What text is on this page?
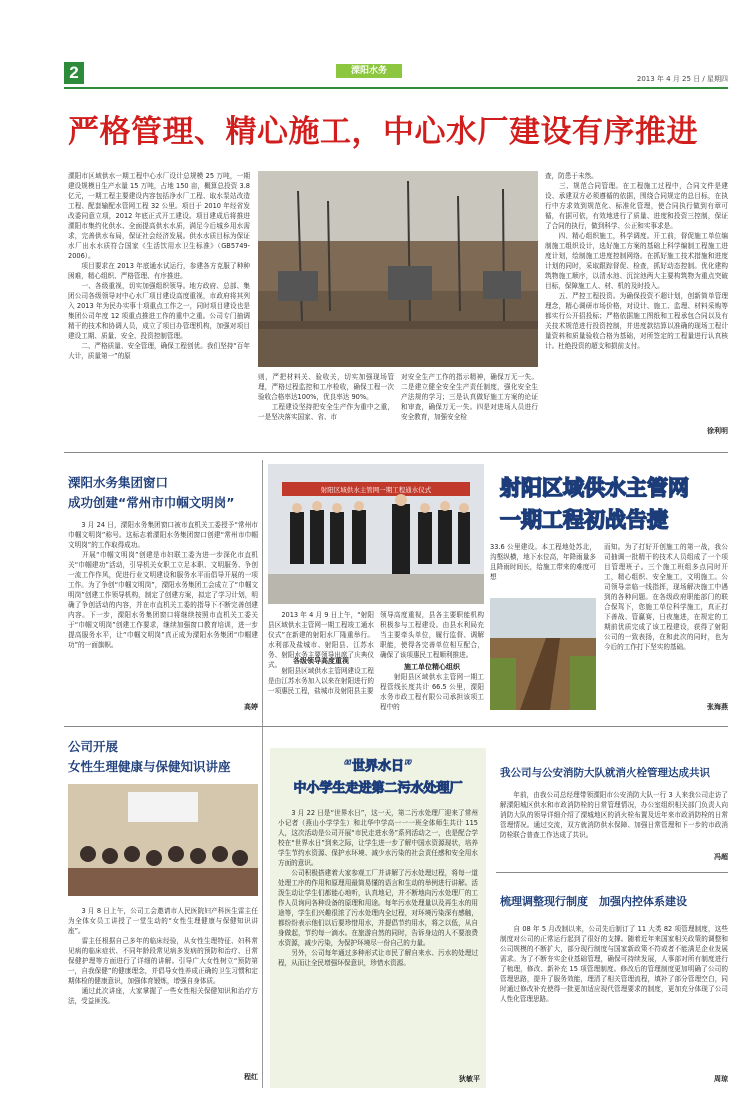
2	溧阳水务
2013 年 4 月 25 日 / 星期四
严格管理、精心施工，中心水厂建设有序推进
溧阳市区域供水一期工程中心水厂设计总规模 25 万吨，一期建设规模日生产水量 15 万吨，占地 150 亩，概算总投资 3.8 亿元，一期工程主要建设内容包括净水厂工程、取水泵站改造工程、配套输配水管网工程 32 公里。项目于 2010 年经省发改委同意立项，2012 年底正式开工建设。项目建成后将推进溧阳市集约化供水、全面提高供水水质，满足今后城乡用水需求，完善供水布局，保证社会经济发展。供水水质目标为保证水厂出水水质符合国家《生活饮用水卫生标准》（GB5749-2006）。
　　项目要求在 2013 年底通水试运行，参建各方克服了种种困难，精心组织、严格管理、有序推进。
　　一、各级重视，切实加强组织领导。地方政府、总部、集团公司各级领导对中心水厂项目建设高度重视，市政府将其列入 2013 年为民办实事十项重点工作之一，同时项目建设也是集团公司年度 12 项重点推进工作的重中之重。公司专门抽调精干的技术和协调人员，成立了项目办管理机构，加强对项目建设工期、质量、安全、投资控制管理。
　　二、严格质量、安全管理，确保工程创优。我们坚持“百年大计，质量第一”的原
则，严把材料关、验收关，切实加强现场管理，严格过程监控和工序检收，确保工程一次验收合格率达100%，优良率达 90%。
　　工程建设坚持把安全生产作为重中之重，一是坚决落实国家、省、市
对安全生产工作的指示精神，确保万无一失。二是建立健全安全生产责任制度，强化安全生产法规的学习；三是认真做好施工方案的论证和审查，确保万无一失。四是对进场人员进行安全教育，加强安全检
查，防患于未然。
　　三、规范合同管理。在工程施工过程中，合同文件是建设、承建双方必须遵循的依据，围绕合同规定的总目标，在执行中方求效到规范化、标准化管理，使合同执行做到有章可循，有据可依，有效地进行了质量、进度和投资三控制，保证了合同的执行，做到科学、公正和实事求是。
　　四、精心组织施工，科学调度。开工前，督促施工单位编制施工组织设计，选好施工方案的基础上科学编制工程施工进度计划，绘制施工进度控制网络。在抓好施工技术措施和进度计划的同时，采取跟踪督促、检查，抓好动态控制。优化建构筑物施工顺序，以清水池、沉淀池两大主要构筑物为重点突破目标，保障施工人、材、机的及时投入。
　　五、严控工程投资。为确保投资不超计划，创新简单管理理念，精心调研市场价格，对设计、施工、监理、材料采购等都实行公开招投标；严格依据施工图纸和工程承包合同以及有关技术规范进行投资控制，并进度款结算以准确的现场工程计量资料和质量验收合格为基础，对所签定的工程量进行认真核计。杜绝投资的超支和损前支付。
徐利明
溧阳水务集团窗口
成功创建“常州市巾帼文明岗”
　　3 月 24 日，溧阳水务集团窗口被市直机关工委授予“常州市巾帼文明岗”称号。这标志着溧阳水务集团窗口创建“常州市巾帼文明岗”的工作取得成功。
　　开展“巾帼文明岗”创建是市妇联工委为进一步深化市直机关“巾帼建功”活动，引导机关女职工立足本职、文明服务、争创一流工作作风，促进行业文明建设和服务水平而倡导开展的一项工作。为了争创“巾帼文明岗”，溧阳水务集团工会成立了“巾帼文明岗”创建工作领导机构，制定了创建方案，拟定了学习计划，明确了争创活动的内容，并在市直机关工委的指导下不断完善创建内容。下一步，溧阳水务集团窗口将继续按照市直机关工委关于“巾帼文明岗”创建工作要求，继续加强窗口教育培训，进一步提高服务水平，让“巾帼文明岗”真正成为溧阳水务集团“巾帼建功”的一面旗帜。
高婷
射阳区域供水主管网一期工程通水仪式
　　2013 年 4 月 9 日上午，“射阳县区域供水主管网一期工程竣工通水仪式”在新建的射阳水厂隆重举行。水利部及盐城市、射阳县、江苏水务、射阳水务主要领导出席了庆典仪式。	各级领导高度重视
　　射阳县区域供水主管网建设工程是由江苏水务加入以来在射阳进行的一项惠民工程，盐城市及射阳县主要
领导高度重视，县各主要职能机构积极参与工程建设。由县水利局充当主要牵头单位，履行监督、调解职能，使得各完善单位相互配合，确保了该项惠民工程顺利推进。
施工单位精心组织
　　射阳县区域供水主管网一期工程管线长度共计 66.5 公里，溧阳水务市政工程有限公司承担该项工程中的
射阳区域供水主管网
一期工程初战告捷
33.6 公里建设。本工程地处苏北，沟壑纵横，地下水位高，年降雨量多且降雨时间长，给施工带来的难度可想
而知。为了打好开创施工的第一战，我公司抽调一批精干的技术人员组成了一个项目管理班子。三个施工班组多点同时开工，精心组织、安全施工，文明施工。公司领导亲临一线指挥，现场解决施工中遇到的各种问题。在各级政府职能部门的联合保驾下，您施工单位科学施工，真正打下善战、管赢赛，日夜施进，在规定的工期前优质完成了该工程建设，获得了射阳公司的一致表扬，在和此次的同时，也为今后的工作打下坚实的基础。
张海燕
公司开展
女性生理健康与保健知识讲座
　　3 月 8 日上午，公司工会邀请市人民医院妇产科医生雷主任为全体女员工讲授了一堂生动的“女性生理健康与保健知识讲座”。
　　雷主任根据自己多年的临床经验，从女性生理特征、妇科常见病的临床症状、不同年龄段常见病多发病的预防和治疗、日常保健护理等方面进行了详细的讲解。引导广大女性树立“预防第一，自我保健”的健康理念，并倡导女性养成正确的卫生习惯和定期体检的健康意识，加强体育锻炼，增强自身体质。
　　通过此次讲座，大家掌握了一些女性相关保健知识和治疗方法，受益匪浅。
程红
“世界水日”
中小学生走进第二污水处理厂
　　3 月 22 日是“世界水日”，这一天，第二污水处理厂迎来了常州小记者（燕山小学学生）和北华中学高一一一班全体师生共计 115 人，这次活动是公司开展“市民走进水务”系列活动之一，也是配合学校在“世界水日”到来之际，让学生进一步了解中国水资源现状，培养学生节约水资源、保护水环境、减少水污染的社会责任感和安全用水方面的意识。
　　公司积极搭建着大家参观工厂并讲解了污水处理过程，将每一道处理工序的作用和原理用最简易懂的语言和生动的举例进行讲解。活泼生动让学生们都能心地听，认真地记，并不断地向污水处理厂的工作人员询问各种设备的原理和用途。每年污水处理量以及再生水的用途等，学生们兴趣很浓了污水处理内全过程，对环境污染深有感触，都纷纷表示他们以后要珍惜用水，并提倡节约用水，将之以低，从自身做起，节约每一滴水。在旅游自然的同时，告诉身边的人不要浪费水资源，减少污染，为保护环境尽一份自己的力量。
　　另外，公司每年通过多种形式让市民了解自来水、污水的处理过程，从而让全民增强环保意识，珍惜水资源。
狄敏平
我公司与公安消防大队就消火栓管理达成共识
　　年前，由我公司总经理带领溧阳市公安消防大队一行 3 人来我公司走访了解溧阳城区供水和市政消防栓的日常管理情况，办公室组织相关部门负责人向消防大队的领导详细介绍了溧城地区的消火栓布置及近年来市政消防栓的日常管理情况。通过交流，双方就消防供水保障、加强日常管理和下一步的市政消防栓联合普查工作达成了共识。
冯超
梳理调整现行制度　加强内控体系建设
　　自 08 年 5 月改制以来，公司先后制订了 11 大类 82 项管理制度，这些制度对公司的正常运行起到了很好的支撑。随着近年来国家相关政策的调整和公司规模的不断扩大，部分现行制度与国家新政策不符或者不能满足企业发展需求。为了不断夯实企业基础管理，确保可持续发展，人事部对所有制度进行了梳理，修改、新补充 15 项管理制度。修改后的管理制度更加明确了公司的管理思路，提升了服务效能，理清了相关管理流程，填补了部分管理空白，同时通过修改补充使得一批更加适应现代管理要求的制度，更加充分体现了公司人性化管理思路。
周琼
